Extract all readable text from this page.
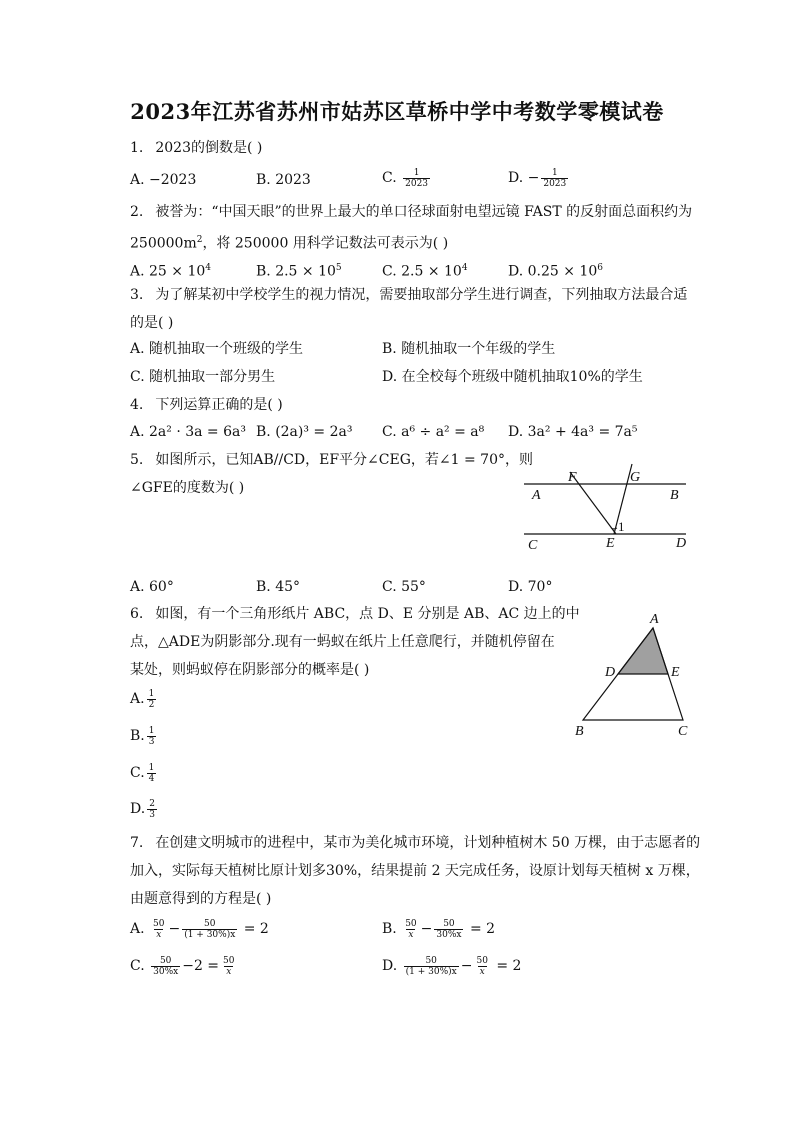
2023年江苏省苏州市姑苏区草桥中学中考数学零模试卷
1. 2023的倒数是( )
A. −2023	B. 2023	C. $\frac{1}{2023}$	D. − $\frac{1}{2023}$
2. 被誉为：“中国天眼”的世界上最大的单口径球面射电望远镜 FAST 的反射面总面积约为
$250000m^2$，将 250000 用科学记数法可表示为( )
A. $25 \times 10^4$	B. $2.5 \times 10^5$	C. $2.5 \times 10^4$	D. $0.25 \times 10^6$
3. 为了解某初中学校学生的视力情况，需要抽取部分学生进行调查，下列抽取方法最合适
的是( )
A. 随机抽取一个班级的学生	B. 随机抽取一个年级的学生
C. 随机抽取一部分男生	D. 在全校每个班级中随机抽取10%的学生
4. 下列运算正确的是( )
A. 2a² · 3a = 6a³ B. (2a)³ = 2a³ C. a⁶ ÷ a² = a⁸ D. 3a² + 4a³ = 7a⁵
5. 如图所示，已知AB//CD，EF平分∠CEG，若∠1 = 70°，则
∠GFE的度数为( )
F	G
A	B
1
C	E	D
A. 60°	B. 45°	C. 55°	D. 70°
6. 如图，有一个三角形纸片 ABC，点 D、E 分别是 AB、AC 边上的中
点，△ADE为阴影部分.现有一蚂蚁在纸片上任意爬行，并随机停留在
某处，则蚂蚁停在阴影部分的概率是( )
A
D	E
B	C
A. $\frac{1}{2}$
B. $\frac{1}{3}$
C. $\frac{1}{4}$
D. $\frac{2}{3}$
7. 在创建文明城市的进程中，某市为美化城市环境，计划种植树木 50 万棵，由于志愿者的
加入，实际每天植树比原计划多30%，结果提前 2 天完成任务，设原计划每天植树 x 万棵，
由题意得到的方程是( )
A. $\frac{50}{x} - \frac{50}{(1 + 30\%)x} = 2$	B. $\frac{50}{x} - \frac{50}{30\%x} = 2$
C. $\frac{50}{30\%x} -2 = \frac{50}{x}$	D. $\frac{50}{(1 + 30\%)x} - \frac{50}{x} = 2$
